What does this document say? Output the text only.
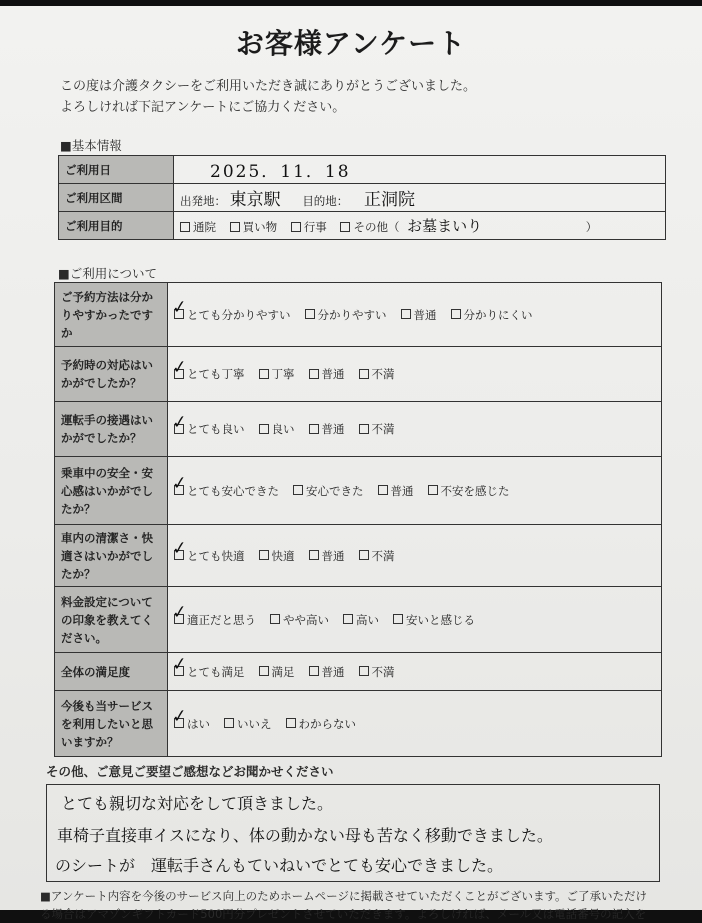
お客様アンケート
この度は介護タクシーをご利用いただき誠にありがとうございました。
よろしければ下記アンケートにご協力ください。
■基本情報
ご利用日	2025．11．18
ご利用区間	出発地： 東京駅 目的地： 正洞院
ご利用目的	通院 買い物 行事 その他（ お墓まいり ）
■ご利用について
ご予約方法は分かりやすかったですか	✓
とても分かりやすい 分かりやすい 普通 分かりにくい
予約時の対応はいかがでしたか？	✓
とても丁寧 丁寧 普通 不満
運転手の接遇はいかがでしたか？	✓
とても良い 良い 普通 不満
乗車中の安全・安心感はいかがでしたか？	✓
とても安心できた 安心できた 普通 不安を感じた
車内の清潔さ・快適さはいかがでしたか？	✓
とても快適 快適 普通 不満
料金設定についての印象を教えてください。	✓
適正だと思う やや高い 高い 安いと感じる
全体の満足度	✓
とても満足 満足 普通 不満
今後も当サービスを利用したいと思いますか？	✓
はい いいえ わからない
その他、ご意見ご要望ご感想などお聞かせください
とても親切な対応をして頂きました。
車椅子直接車イスになり、体の動かない母も苦なく移動できました。
のシートが　運転手さんもていねいでとても安心できました。
■アンケート内容を今後のサービス向上のためホームページに掲載させていただくことがございます。ご了承いただけ
る場合はアマゾンギフトカード500円分プレゼントさせていただきます。よろしければ、メール又は電話番号の記入を
